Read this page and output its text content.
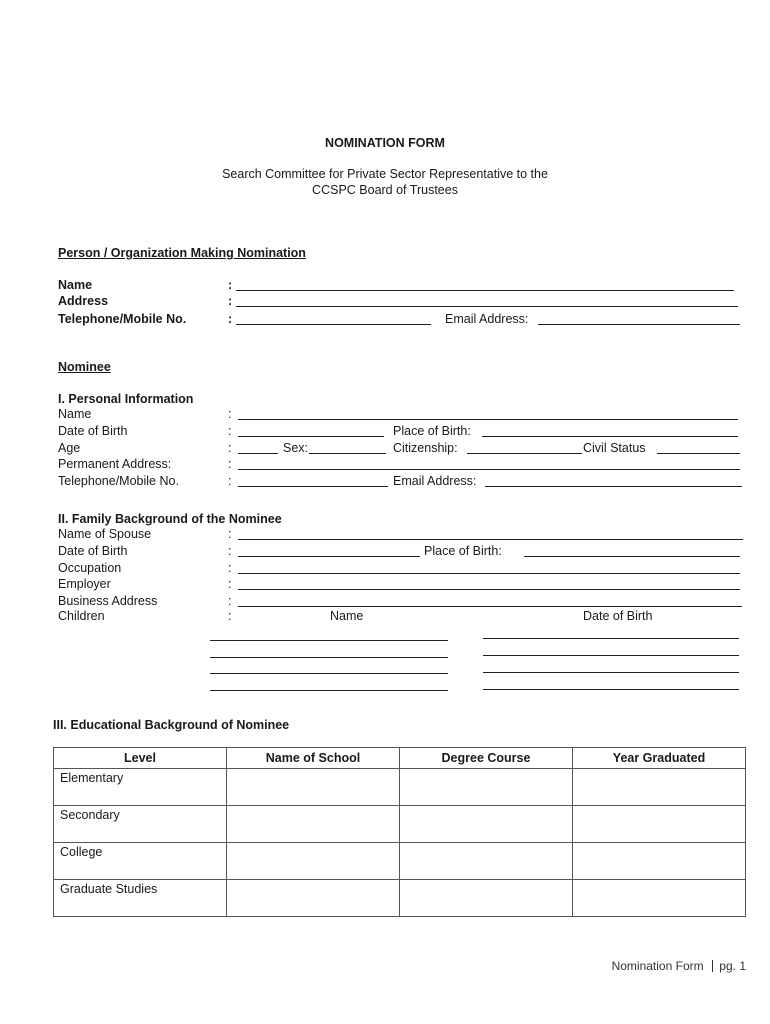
NOMINATION FORM
Search Committee for Private Sector Representative to the
CCSPC Board of Trustees
Person / Organization Making Nomination
Name	:
Address	:
Telephone/Mobile No.	:	Email Address:
Nominee
I. Personal Information
Name	:
Date of Birth	:	Place of Birth:
Age	:	Sex:	Citizenship:	Civil Status
Permanent Address:	:
Telephone/Mobile No.	:	Email Address:
II. Family Background of the Nominee
Name of Spouse	:
Date of Birth	:	Place of Birth:
Occupation	:
Employer	:
Business Address	:
Children	:	Name	Date of Birth
III. Educational Background of Nominee
Level	Name of School	Degree Course	Year Graduated
Elementary			
Secondary			
College			
Graduate Studies			
Nomination Form pg. 1
